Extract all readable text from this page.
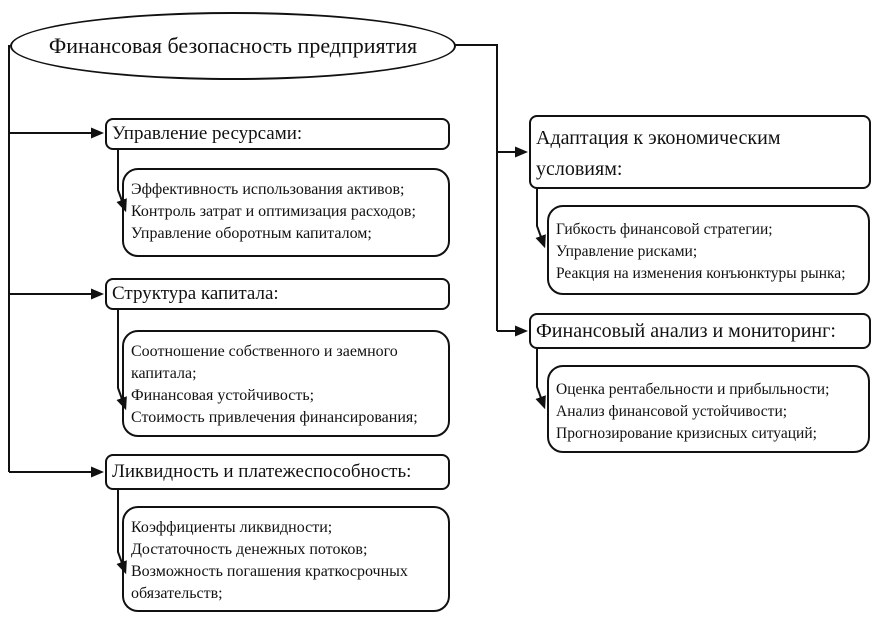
Финансовая безопасность предприятия
Управление ресурсами:
Эффективность использования активов;
Контроль затрат и оптимизация расходов;
Управление оборотным капиталом;
Структура капитала:
Соотношение собственного и заемного капитала;
Финансовая устойчивость;
Стоимость привлечения финансирования;
Ликвидность и платежеспособность:
Коэффициенты ликвидности;
Достаточность денежных потоков;
Возможность погашения краткосрочных обязательств;
Адаптация к экономическим условиям:
Гибкость финансовой стратегии;
Управление рисками;
Реакция на изменения конъюнктуры рынка;
Финансовый анализ и мониторинг:
Оценка рентабельности и прибыльности;
Анализ финансовой устойчивости;
Прогнозирование кризисных ситуаций;
